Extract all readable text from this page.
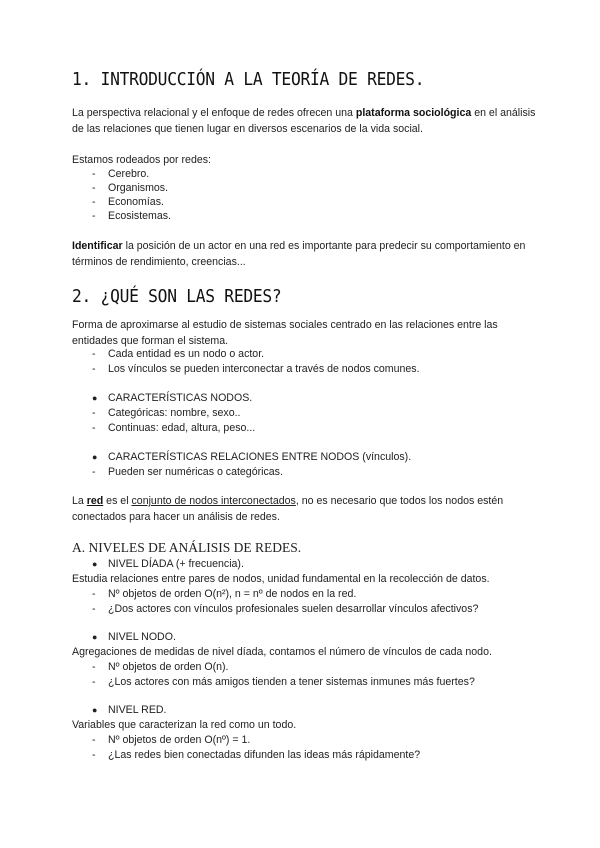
1. INTRODUCCIÓN A LA TEORÍA DE REDES.

La perspectiva relacional y el enfoque de redes ofrecen una plataforma sociológica en el análisis de las relaciones que tienen lugar en diversos escenarios de la vida social.

Estamos rodeados por redes:
- Cerebro.
- Organismos.
- Economías.
- Ecosistemas.

Identificar la posición de un actor en una red es importante para predecir su comportamiento en términos de rendimiento, creencias...

2. ¿QUÉ SON LAS REDES?

Forma de aproximarse al estudio de sistemas sociales centrado en las relaciones entre las entidades que forman el sistema.

- Cada entidad es un nodo o actor.
- Los vínculos se pueden interconectar a través de nodos comunes.
● CARACTERÍSTICAS NODOS.
- Categóricas: nombre, sexo..
- Continuas: edad, altura, peso...
● CARACTERÍSTICAS RELACIONES ENTRE NODOS (vínculos).
- Pueden ser numéricas o categóricas.

La red es el conjunto de nodos interconectados, no es necesario que todos los nodos estén conectados para hacer un análisis de redes.

A. NIVELES DE ANÁLISIS DE REDES.
● NIVEL DÍADA (+ frecuencia).
Estudia relaciones entre pares de nodos, unidad fundamental en la recolección de datos.
- Nº objetos de orden O(n²), n = nº de nodos en la red.
- ¿Dos actores con vínculos profesionales suelen desarrollar vínculos afectivos?
● NIVEL NODO.
Agregaciones de medidas de nivel díada, contamos el número de vínculos de cada nodo.
- Nº objetos de orden O(n).
- ¿Los actores con más amigos tienden a tener sistemas inmunes más fuertes?
● NIVEL RED.
Variables que caracterizan la red como un todo.
- Nº objetos de orden O(nº) = 1.
- ¿Las redes bien conectadas difunden las ideas más rápidamente?
